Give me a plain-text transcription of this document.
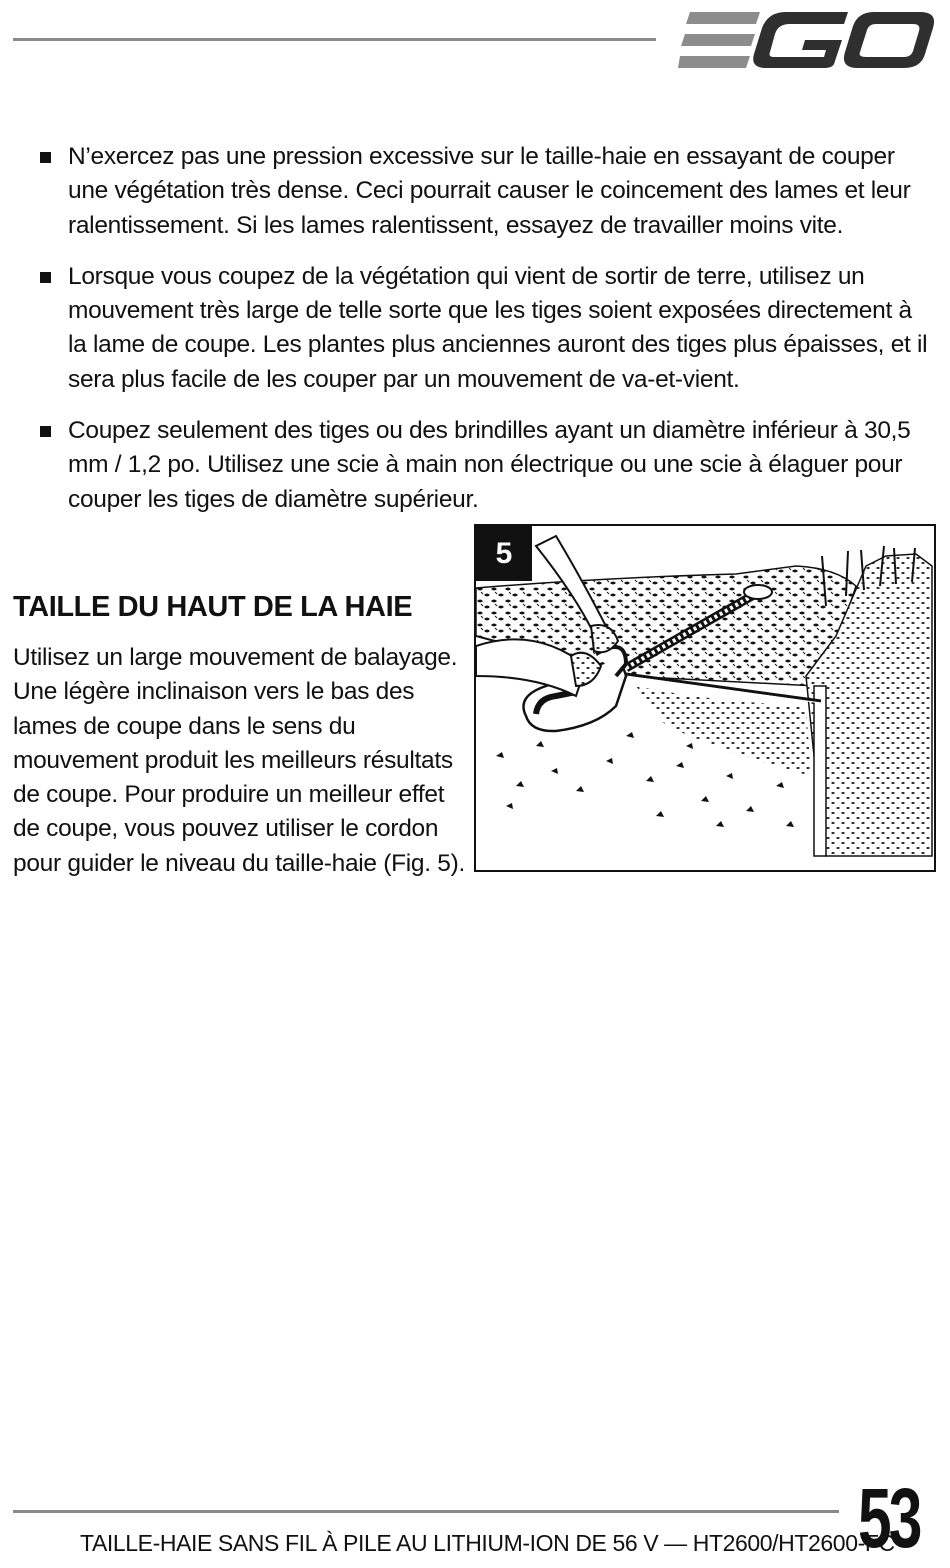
N’exercez pas une pression excessive sur le taille-haie en essayant de couper une végétation très dense. Ceci pourrait causer le coincement des lames et leur ralentissement. Si les lames ralentissent, essayez de travailler moins vite.
Lorsque vous coupez de la végétation qui vient de sortir de terre, utilisez un mouvement très large de telle sorte que les tiges soient exposées directement à la lame de coupe. Les plantes plus anciennes auront des tiges plus épaisses, et il sera plus facile de les couper par un mouvement de va-et-vient.
Coupez seulement des tiges ou des brindilles ayant un diamètre inférieur à 30,5 mm / 1,2 po. Utilisez une scie à main non électrique ou une scie à élaguer pour couper les tiges de diamètre supérieur.
TAILLE DU HAUT DE LA HAIE

Utilisez un large mouvement de balayage. Une légère inclinaison vers le bas des lames de coupe dans le sens du mouvement produit les meilleurs résultats de coupe. Pour produire un meilleur effet de coupe, vous pouvez utiliser le cordon pour guider le niveau du taille-haie (Fig. 5).

5
TAILLE-HAIE SANS FIL À PILE AU LITHIUM-ION DE 56 V — HT2600/HT2600-FC
53
